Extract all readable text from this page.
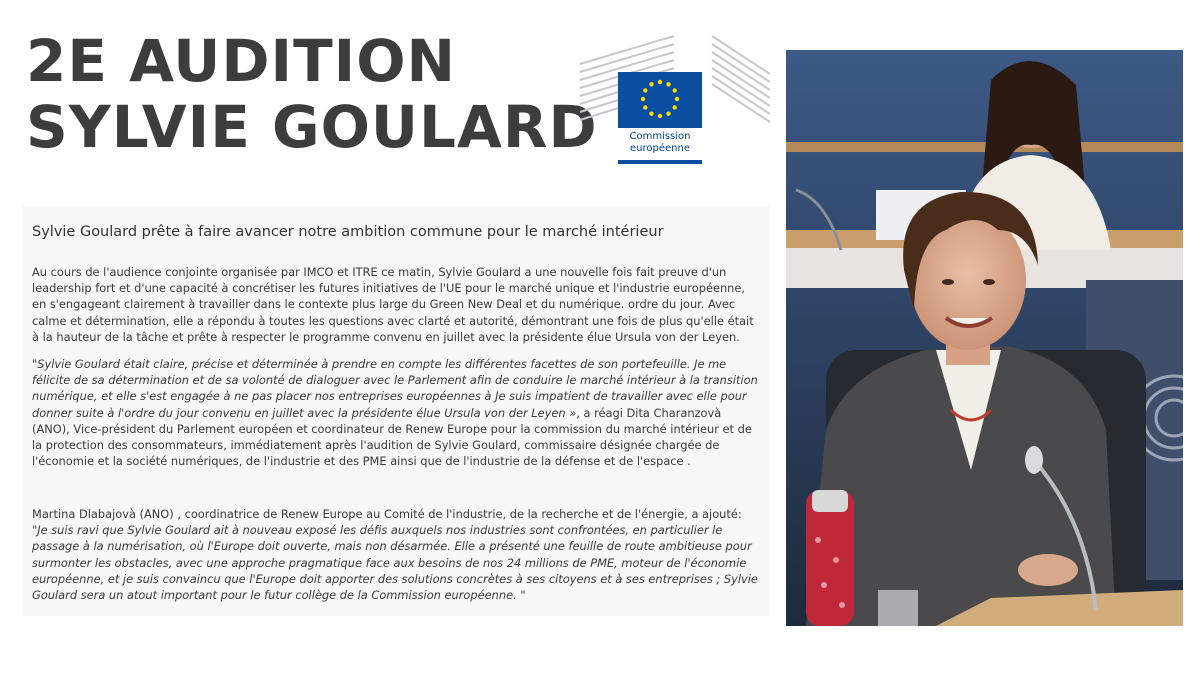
2E AUDITION
SYLVIE GOULARD	Commission
européenne
Sylvie Goulard prête à faire avancer notre ambition commune pour le marché intérieur
Au cours de l'audience conjointe organisée par IMCO et ITRE ce matin, Sylvie Goulard a une nouvelle fois fait preuve d'un leadership fort et d'une capacité à concrétiser les futures initiatives de l'UE pour le marché unique et l'industrie européenne, en s'engageant clairement à travailler dans le contexte plus large du Green New Deal et du numérique. ordre du jour. Avec calme et détermination, elle a répondu à toutes les questions avec clarté et autorité, démontrant une fois de plus qu'elle était à la hauteur de la tâche et prête à respecter le programme convenu en juillet avec la présidente élue Ursula von der Leyen.
"Sylvie Goulard était claire, précise et déterminée à prendre en compte les différentes facettes de son portefeuille. Je me félicite de sa détermination et de sa volonté de dialoguer avec le Parlement afin de conduire le marché intérieur à la transition numérique, et elle s'est engagée à ne pas placer nos entreprises européennes à Je suis impatient de travailler avec elle pour donner suite à l'ordre du jour convenu en juillet avec la présidente élue Ursula von der Leyen », a réagi Dita Charanzovà (ANO), Vice-président du Parlement européen et coordinateur de Renew Europe pour la commission du marché intérieur et de la protection des consommateurs, immédiatement après l'audition de Sylvie Goulard, commissaire désignée chargée de l'économie et la société numériques, de l'industrie et des PME ainsi que de l'industrie de la défense et de l'espace .
Martina Dlabajovà (ANO) , coordinatrice de Renew Europe au Comité de l'industrie, de la recherche et de l'énergie, a ajouté:
"Je suis ravi que Sylvie Goulard ait à nouveau exposé les défis auxquels nos industries sont confrontées, en particulier le passage à la numérisation, où l'Europe doit ouverte, mais non désarmée. Elle a présenté une feuille de route ambitieuse pour surmonter les obstacles, avec une approche pragmatique face aux besoins de nos 24 millions de PME, moteur de l'économie européenne, et je suis convaincu que l'Europe doit apporter des solutions concrètes à ses citoyens et à ses entreprises ; Sylvie Goulard sera un atout important pour le futur collège de la Commission européenne. "
